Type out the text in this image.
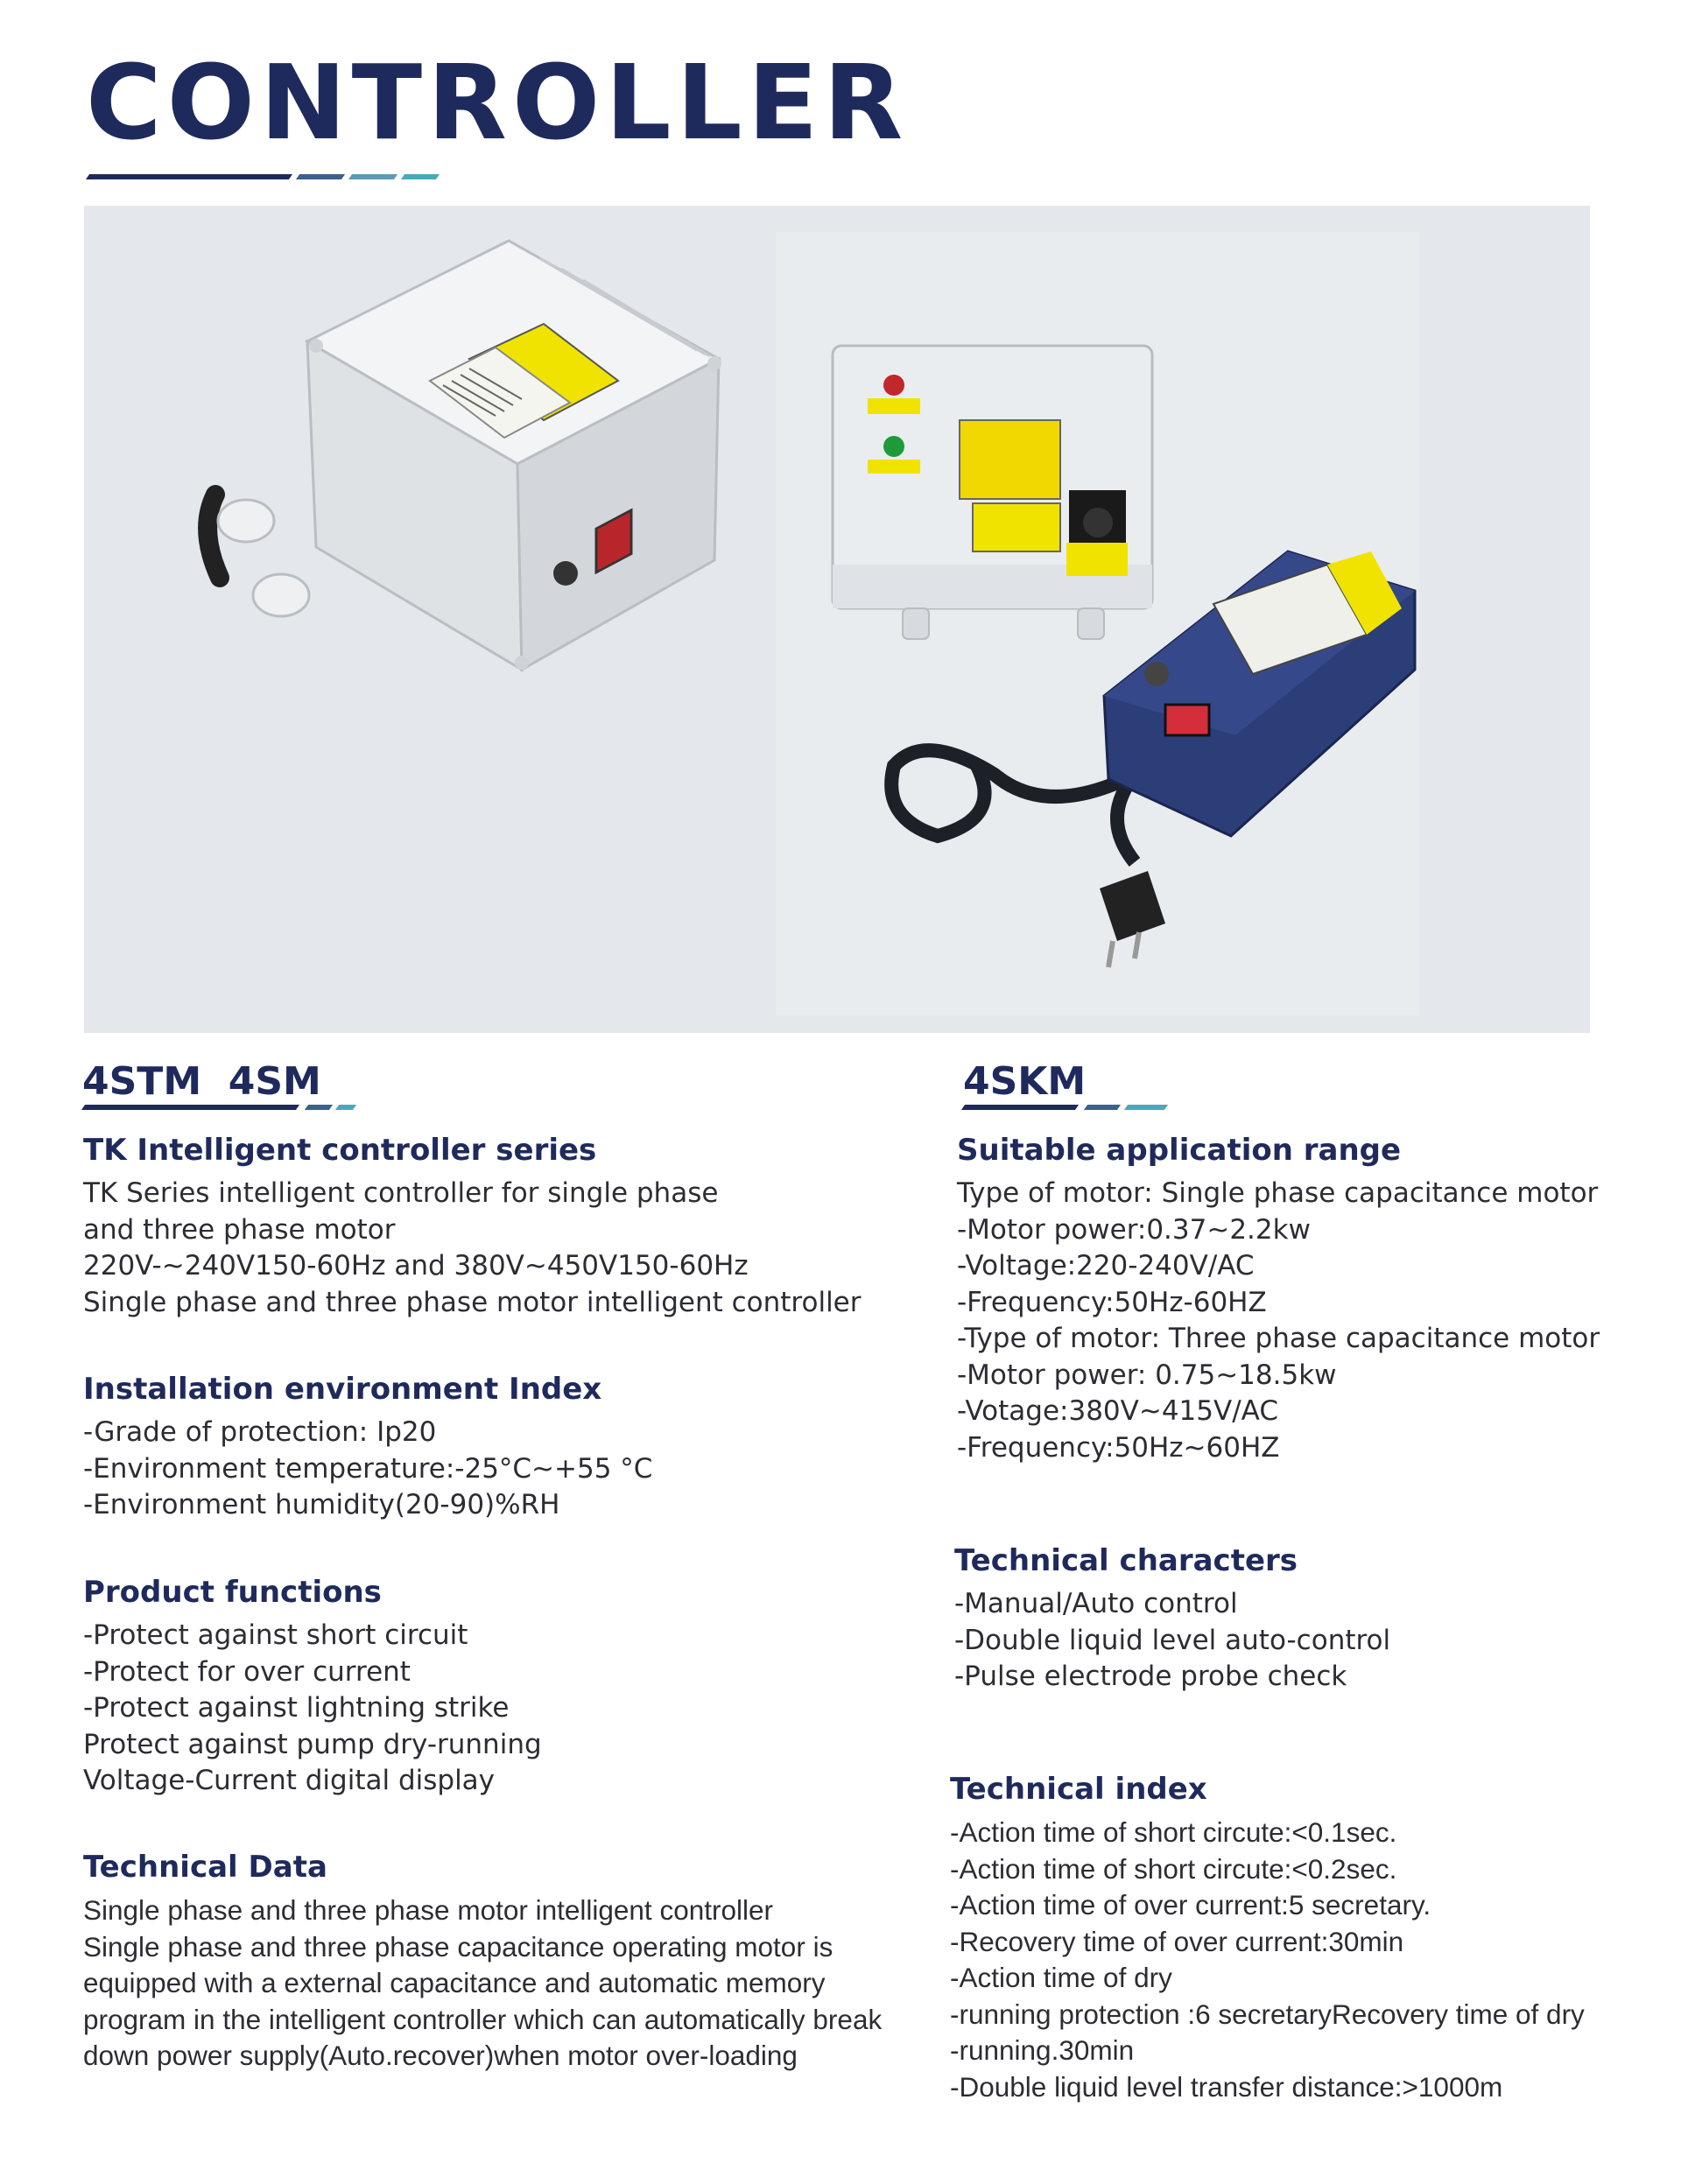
CONTROLLER
4STM  4SM
TK Intelligent controller series
TK Series intelligent controller for single phase
and three phase motor
220V-~240V150-60Hz and 380V~450V150-60Hz
Single phase and three phase motor intelligent controller
Installation environment Index
-Grade of protection: Ip20
-Environment temperature:-25°C~+55 °C
-Environment humidity(20-90)%RH
Product functions
-Protect against short circuit
-Protect for over current
-Protect against lightning strike
Protect against pump dry-running
Voltage-Current digital display
Technical Data
Single phase and three phase motor intelligent controller
Single phase and three phase capacitance operating motor is
equipped with a external capacitance and automatic memory
program in the intelligent controller which can automatically break
down power supply(Auto.recover)when motor over-loading
4SKM
Suitable application range
Type of motor: Single phase capacitance motor
-Motor power:0.37~2.2kw
-Voltage:220-240V/AC
-Frequency:50Hz-60HZ
-Type of motor: Three phase capacitance motor
-Motor power: 0.75~18.5kw
-Votage:380V~415V/AC
-Frequency:50Hz~60HZ
Technical characters
-Manual/Auto control
-Double liquid level auto-control
-Pulse electrode probe check
Technical index
-Action time of short circute:<0.1sec.
-Action time of short circute:<0.2sec.
-Action time of over current:5 secretary.
-Recovery time of over current:30min
-Action time of dry
-running protection :6 secretaryRecovery time of dry
-running.30min
-Double liquid level transfer distance:>1000m
